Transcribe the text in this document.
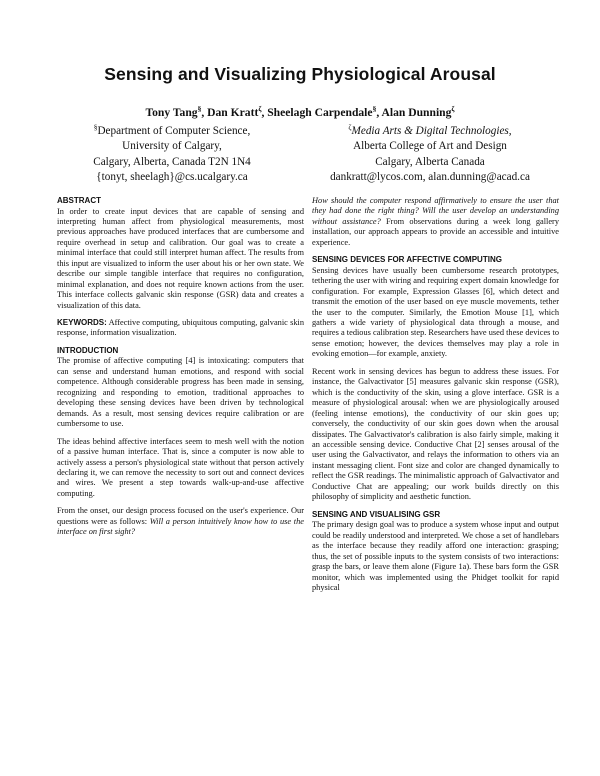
Sensing and Visualizing Physiological Arousal
Tony Tang§, Dan Kratt$^\zeta$, Sheelagh Carpendale§, Alan Dunning$^\zeta$
§Department of Computer Science,
University of Calgary,
Calgary, Alberta, Canada T2N 1N4
{tonyt, sheelagh}@cs.ucalgary.ca
$^\zeta$Media Arts & Digital Technologies,
Alberta College of Art and Design
Calgary, Alberta Canada
dankratt@lycos.com, alan.dunning@acad.ca
ABSTRACT

In order to create input devices that are capable of sensing and interpreting human affect from physiological measurements, most previous approaches have produced interfaces that are cumbersome and require overhead in setup and calibration. Our goal was to create a minimal interface that could still interpret human affect. The results from this input are visualized to inform the user about his or her own state. We describe our simple tangible interface that requires no configuration, minimal explanation, and does not require known actions from the user. This interface collects galvanic skin response (GSR) data and creates a visualization of this data.

KEYWORDS: Affective computing, ubiquitous computing, galvanic skin response, information visualization.

INTRODUCTION

The promise of affective computing [4] is intoxicating: computers that can sense and understand human emotions, and respond with social competence. Although considerable progress has been made in sensing, recognizing and responding to emotion, traditional approaches to developing these sensing devices have been driven by technological demands. As a result, most sensing devices require calibration or are cumbersome to use.

The ideas behind affective interfaces seem to mesh well with the notion of a passive human interface. That is, since a computer is now able to actively assess a person's physiological state without that person actively declaring it, we can remove the necessity to sort out and connect devices and wires. We present a step towards walk-up-and-use affective computing.

From the onset, our design process focused on the user's experience. Our questions were as follows: Will a person intuitively know how to use the interface on first sight?

How should the computer respond affirmatively to ensure the user that they had done the right thing? Will the user develop an understanding without assistance? From observations during a week long gallery installation, our approach appears to provide an accessible and intuitive experience.

SENSING DEVICES FOR AFFECTIVE COMPUTING

Sensing devices have usually been cumbersome research prototypes, tethering the user with wiring and requiring expert domain knowledge for configuration. For example, Expression Glasses [6], which detect and transmit the emotion of the user based on eye muscle movements, tether the user to the computer. Similarly, the Emotion Mouse [1], which gathers a wide variety of physiological data through a mouse, and requires a tedious calibration step. Researchers have used these devices to sense emotion; however, the devices themselves may play a role in evoking emotion—for example, anxiety.

Recent work in sensing devices has begun to address these issues. For instance, the Galvactivator [5] measures galvanic skin response (GSR), which is the conductivity of the skin, using a glove interface. GSR is a measure of physiological arousal: when we are physiologically aroused (feeling intense emotions), the conductivity of our skin goes up; conversely, the conductivity of our skin goes down when the arousal dissipates. The Galvactivator's calibration is also fairly simple, making it an accessible sensing device. Conductive Chat [2] senses arousal of the user using the Galvactivator, and relays the information to others via an instant messaging client. Font size and color are changed dynamically to reflect the GSR readings. The minimalistic approach of Galvactivator and Conductive Chat are appealing; our work builds directly on this philosophy of simplicity and aesthetic function.

SENSING AND VISUALISING GSR

The primary design goal was to produce a system whose input and output could be readily understood and interpreted. We chose a set of handlebars as the interface because they readily afford one interaction: grasping; thus, the set of possible inputs to the system consists of two interactions: grasp the bars, or leave them alone (Figure 1a). These bars form the GSR monitor, which was implemented using the Phidget toolkit for rapid physical
